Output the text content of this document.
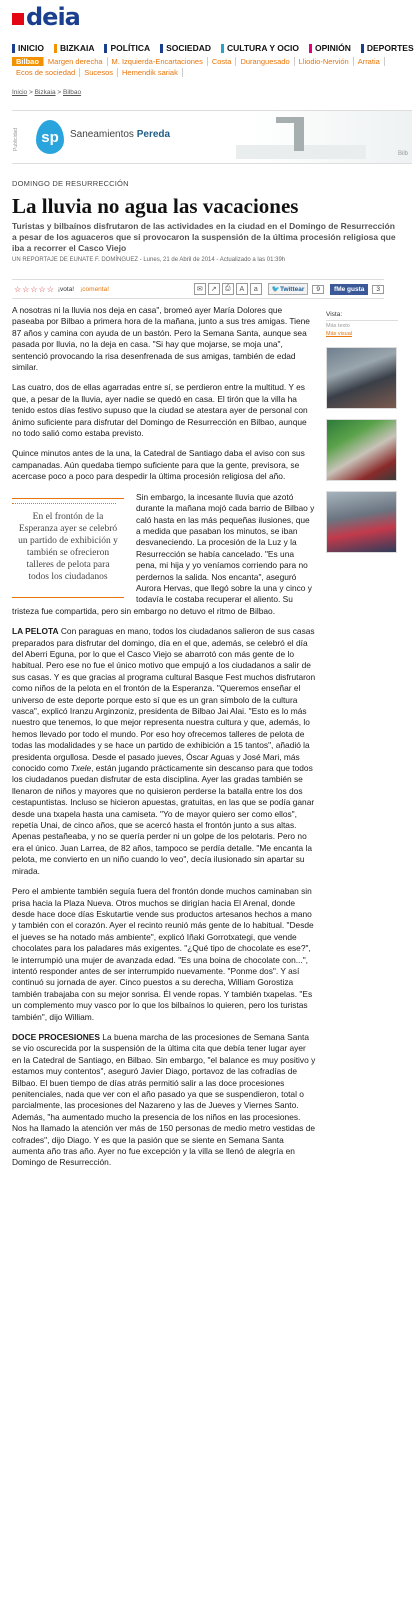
deia
INICIO BIZKAIA POLÍTICA SOCIEDAD CULTURA Y OCIO OPINIÓN DEPORTES
Bilbao	Margen derecha	M. Izquierda-Encartaciones	Costa	Duranguesado	Lliodio-Nervión	Arratia
Ecos de sociedad	Sucesos	Hemendik sariak
Inicio > Bizkaia > Bilbao
Publicidad	sp	Saneamientos Pereda
Bilb
DOMINGO DE RESURRECCIÓN
La lluvia no agua las vacaciones
Turistas y bilbaínos disfrutaron de las actividades en la ciudad en el Domingo de Resurrección a pesar de los aguaceros que si provocaron la suspensión de la última procesión religiosa que iba a recorrer el Casco Viejo
UN REPORTAJE DE EUNATE F. DOMÍNGUEZ - Lunes, 21 de Abril de 2014 - Actualizado a las 01:39h
☆☆☆☆☆ ¡vota! ¡comenta!	✉	↗	⎙	A	a	🐦 Twittear	9	f Me gusta	3

A nosotras ni la lluvia nos deja en casa", bromeó ayer María Dolores que paseaba por Bilbao a primera hora de la mañana, junto a sus tres amigas. Tiene 87 años y camina con ayuda de un bastón. Pero la Semana Santa, aunque sea pasada por lluvia, no la deja en casa. "Si hay que mojarse, se moja una", sentenció provocando la risa desenfrenada de sus amigas, también de edad similar.

Las cuatro, dos de ellas agarradas entre sí, se perdieron entre la multitud. Y es que, a pesar de la lluvia, ayer nadie se quedó en casa. El tirón que la villa ha tenido estos días festivo supuso que la ciudad se atestara ayer de personal con ánimo suficiente para disfrutar del Domingo de Resurrección en Bilbao, aunque no todo salió como estaba previsto.

Quince minutos antes de la una, la Catedral de Santiago daba el aviso con sus campanadas. Aún quedaba tiempo suficiente para que la gente, previsora, se acercase poco a poco para despedir la última procesión religiosa del año.

En el frontón de la Esperanza ayer se celebró un partido de exhibición y también se ofrecieron talleres de pelota para todos los ciudadanos

Sin embargo, la incesante lluvia que azotó durante la mañana mojó cada barrio de Bilbao y caló hasta en las más pequeñas ilusiones, que a medida que pasaban los minutos, se iban desvaneciendo. La procesión de la Luz y la Resurrección se había cancelado. "Es una pena, mi hija y yo veníamos corriendo para no perdernos la salida. Nos encanta", aseguró Aurora Hervas, que llegó sobre la una y cinco y todavía le costaba recuperar el aliento. Su tristeza fue compartida, pero sin embargo no detuvo el ritmo de Bilbao.

LA PELOTA Con paraguas en mano, todos los ciudadanos salieron de sus casas preparados para disfrutar del domingo, día en el que, además, se celebró el día del Aberri Eguna, por lo que el Casco Viejo se abarrotó con más gente de lo habitual. Pero ese no fue el único motivo que empujó a los ciudadanos a salir de sus casas. Y es que gracias al programa cultural Basque Fest muchos disfrutaron como niños de la pelota en el frontón de la Esperanza. "Queremos enseñar el universo de este deporte porque esto sí que es un gran símbolo de la cultura vasca", explicó Iranzu Arginzoniz, presidenta de Bilbao Jai Alai. "Esto es lo más nuestro que tenemos, lo que mejor representa nuestra cultura y que, además, lo hemos llevado por todo el mundo. Por eso hoy ofrecemos talleres de pelota de todas las modalidades y se hace un partido de exhibición a 15 tantos", añadió la presidenta orgullosa. Desde el pasado jueves, Óscar Aguas y José Mari, más conocido como Txele, están jugando prácticamente sin descanso para que todos los ciudadanos puedan disfrutar de esta disciplina. Ayer las gradas también se llenaron de niños y mayores que no quisieron perderse la batalla entre los dos cestapuntistas. Incluso se hicieron apuestas, gratuitas, en las que se podía ganar desde una txapela hasta una camiseta. "Yo de mayor quiero ser como ellos", repetía Unai, de cinco años, que se acercó hasta el frontón junto a sus altas. Apenas pestañeaba, y no se quería perder ni un golpe de los pelotaris. Pero no era el único. Juan Larrea, de 82 años, tampoco se perdía detalle. "Me encanta la pelota, me convierto en un niño cuando lo veo", decía ilusionado sin apartar su mirada.

Pero el ambiente también seguía fuera del frontón donde muchos caminaban sin prisa hacia la Plaza Nueva. Otros muchos se dirigían hacia El Arenal, donde desde hace doce días Eskutartie vende sus productos artesanos hechos a mano y también con el corazón. Ayer el recinto reunió más gente de lo habitual. "Desde el jueves se ha notado más ambiente", explicó Iñaki Gorrotxategi, que vende chocolates para los paladares más exigentes. "¿Qué tipo de chocolate es ese?", le interrumpió una mujer de avanzada edad. "Es una boina de chocolate con...", intentó responder antes de ser interrumpido nuevamente. "Ponme dos". Y así continuó su jornada de ayer. Cinco puestos a su derecha, William Gorostiza también trabajaba con su mejor sonrisa. Él vende ropas. Y también txapelas. "Es un complemento muy vasco por lo que los bilbaínos lo quieren, pero los turistas también", dijo William.

DOCE PROCESIONES La buena marcha de las procesiones de Semana Santa se vio oscurecida por la suspensión de la última cita que debía tener lugar ayer en la Catedral de Santiago, en Bilbao. Sin embargo, "el balance es muy positivo y estamos muy contentos", aseguró Javier Diago, portavoz de las cofradías de Bilbao. El buen tiempo de días atrás permitió salir a las doce procesiones penitenciales, nada que ver con el año pasado ya que se suspendieron, total o parcialmente, las procesiones del Nazareno y las de Jueves y Viernes Santo. Además, "ha aumentado mucho la presencia de los niños en las procesiones. Nos ha llamado la atención ver más de 150 personas de medio metro vestidas de cofrades", dijo Diago. Y es que la pasión que se siente en Semana Santa aumenta año tras año. Ayer no fue excepción y la villa se llenó de alegría en Domingo de Resurrección.

Vista:
Más texto
Más visual
